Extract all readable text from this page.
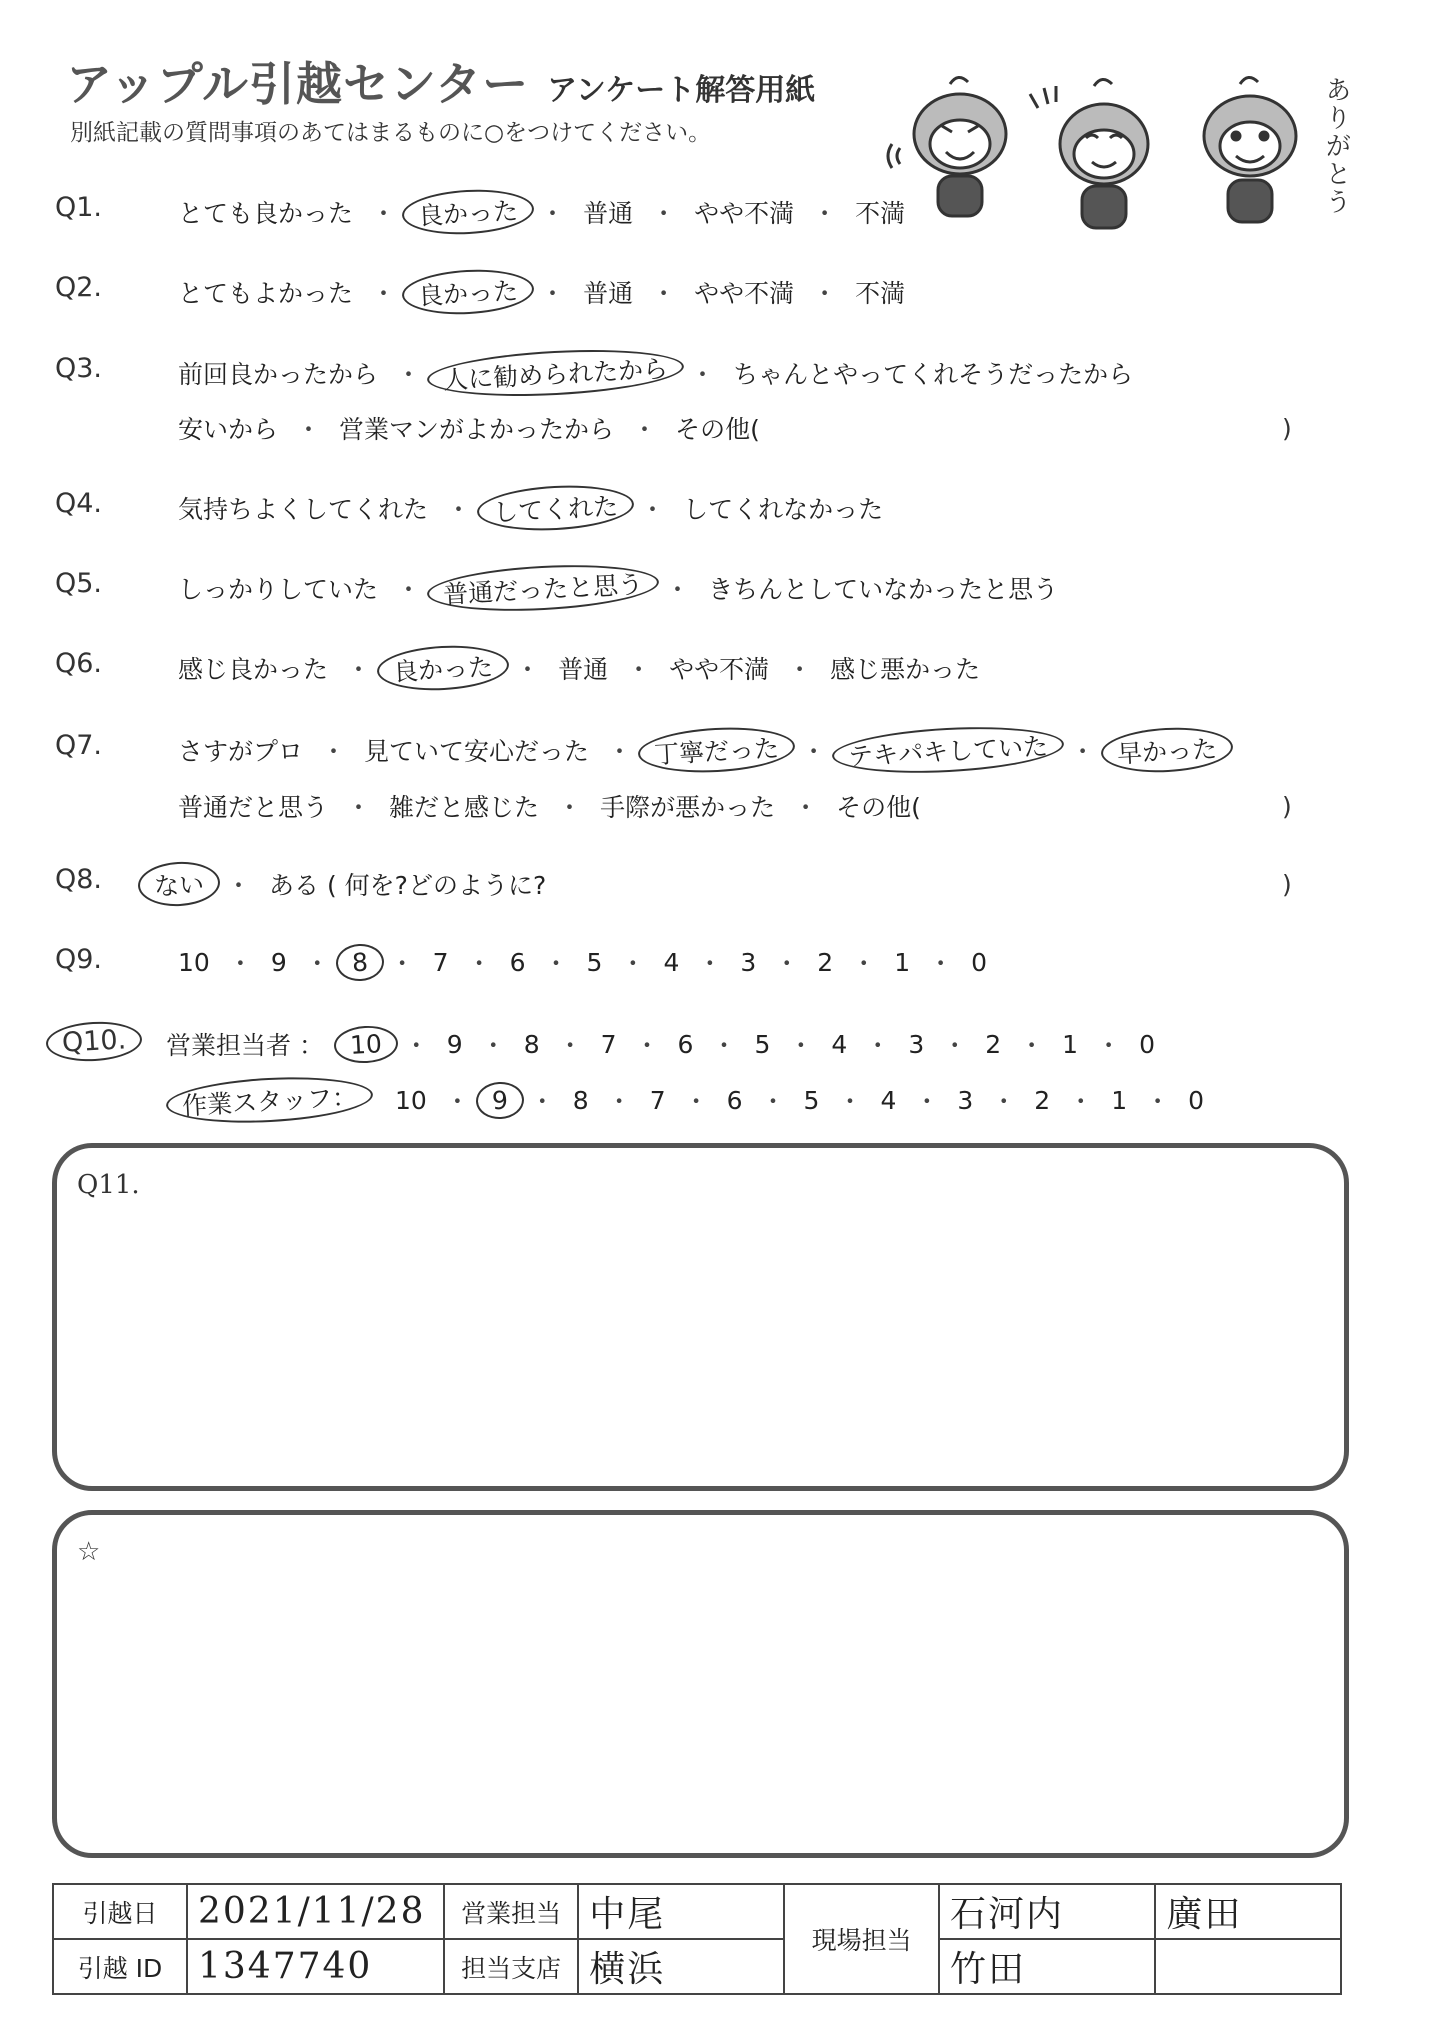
アップル引越センター アンケート解答用紙
別紙記載の質問事項のあてはまるものに○をつけてください。	ありがとう
Q1.	とても良かった ・ 良かった ・ 普通 ・ やや不満 ・ 不満
Q2.	とてもよかった ・ 良かった ・ 普通 ・ やや不満 ・ 不満
Q3.	前回良かったから ・ 人に勧められたから ・ ちゃんとやってくれそうだったから
安いから ・ 営業マンがよかったから ・ その他(	)
Q4.	気持ちよくしてくれた ・ してくれた ・ してくれなかった
Q5.	しっかりしていた ・ 普通だったと思う ・ きちんとしていなかったと思う
Q6.	感じ良かった ・ 良かった ・ 普通 ・ やや不満 ・ 感じ悪かった
Q7.	さすがプロ ・ 見ていて安心だった ・ 丁寧だった ・ テキパキしていた ・ 早かった
普通だと思う ・ 雑だと感じた ・ 手際が悪かった ・ その他(	)
Q8.	ない ・ ある ( 何を?どのように?	)
Q9.	10 ・ 9 ・ 8 ・ 7 ・ 6 ・ 5 ・ 4 ・ 3 ・ 2 ・ 1 ・ 0
Q10.	営業担当者 ：	10 ・ 9 ・ 8 ・ 7 ・ 6 ・ 5 ・ 4 ・ 3 ・ 2 ・ 1 ・ 0
作業スタッフ：	10 ・ 9 ・ 8 ・ 7 ・ 6 ・ 5 ・ 4 ・ 3 ・ 2 ・ 1 ・ 0
Q11.
☆
引越日	2021/11/28	営業担当	中尾	現場担当	石河内	廣田
引越 ID	1347740	担当支店	横浜		竹田	
